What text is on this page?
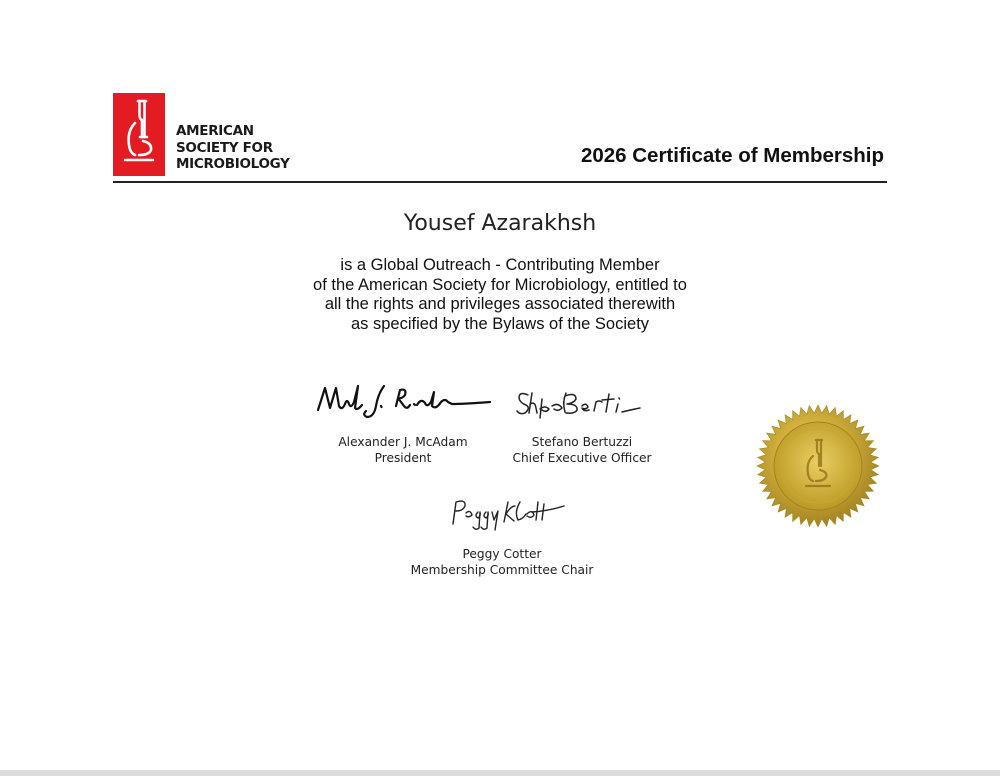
AMERICAN
SOCIETY FOR
MICROBIOLOGY	2026 Certificate of Membership
Yousef Azarakhsh
is a Global Outreach - Contributing Member
of the American Society for Microbiology, entitled to
all the rights and privileges associated therewith
as specified by the Bylaws of the Society
Alexander J. McAdam
President
Stefano Bertuzzi
Chief Executive Officer
Peggy Cotter
Membership Committee Chair
